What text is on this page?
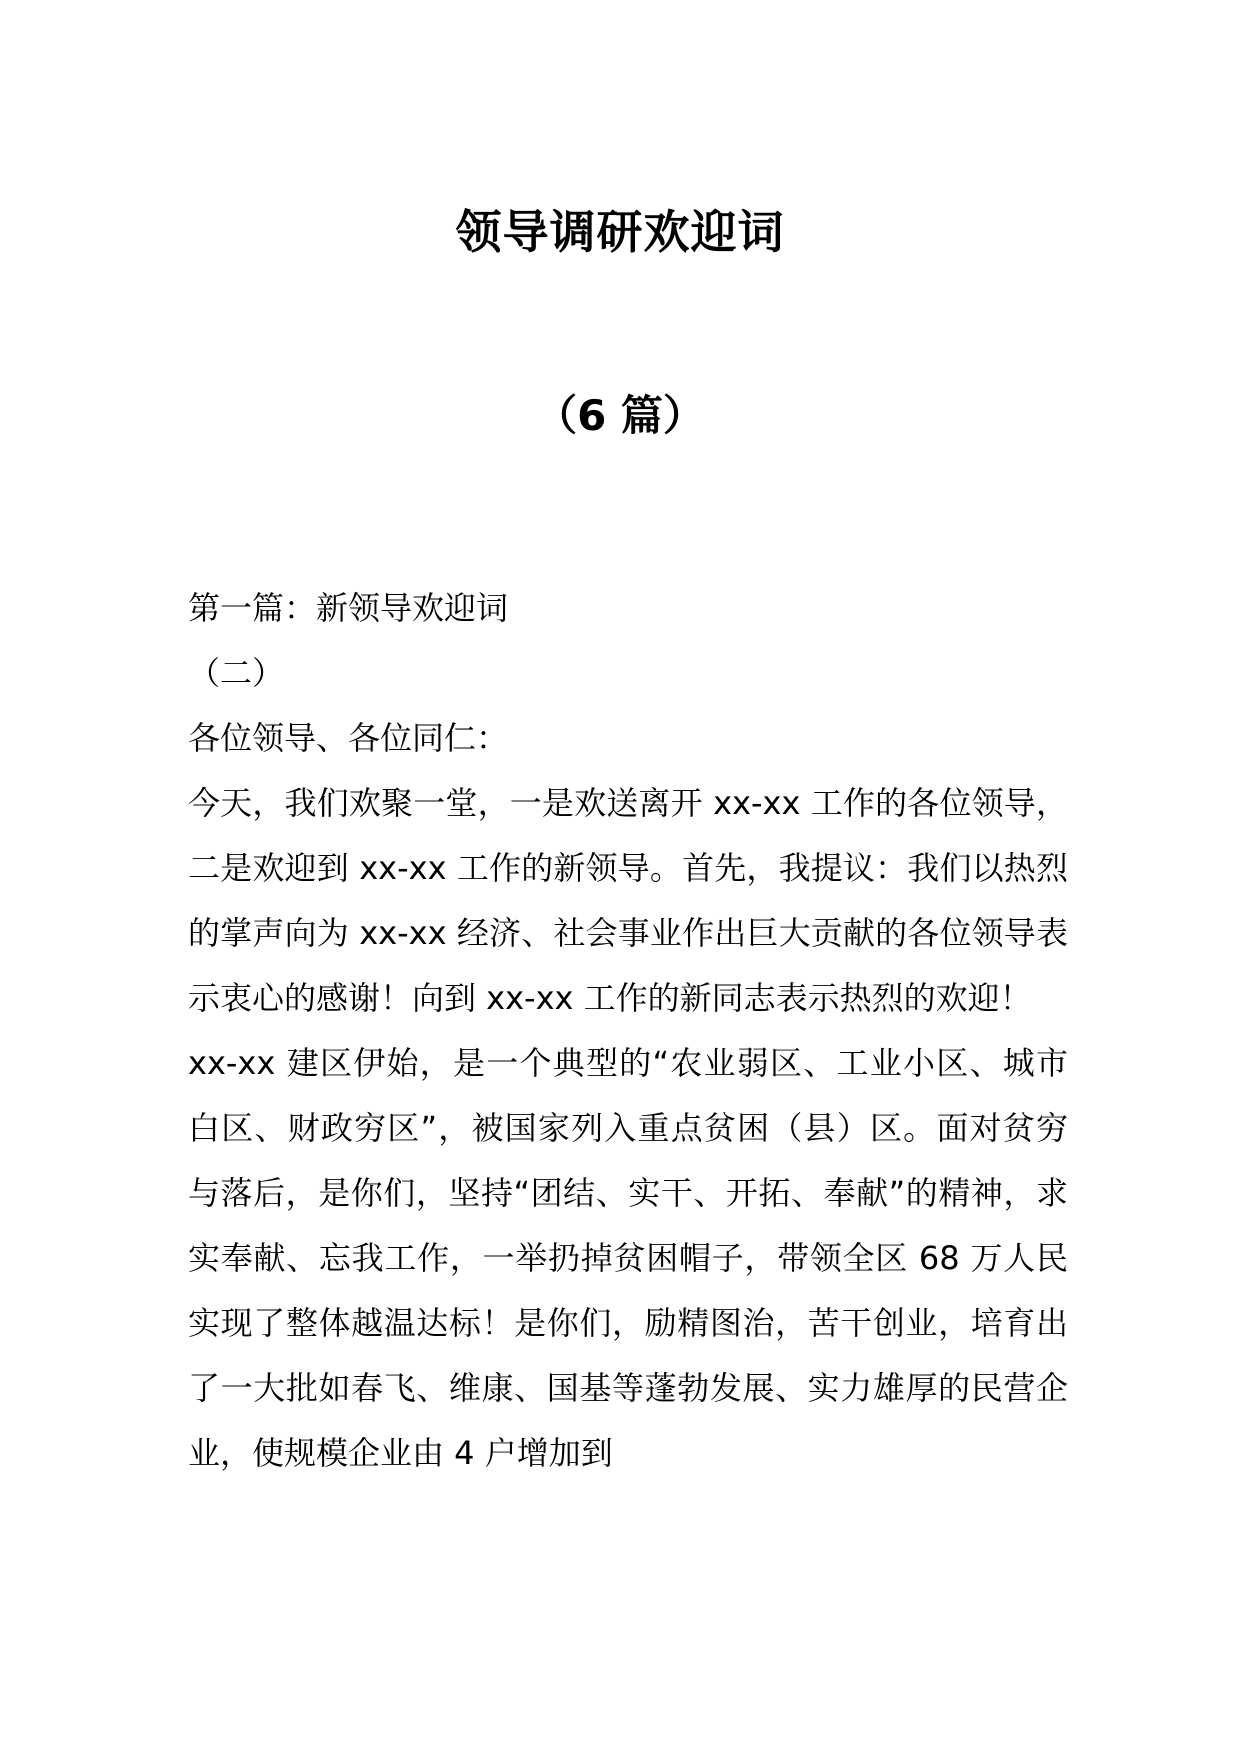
领导调研欢迎词
（6 篇）

第一篇：新领导欢迎词

（二）

各位领导、各位同仁：

今天，我们欢聚一堂，一是欢送离开 xx-xx 工作的各位领导，二是欢迎到 xx-xx 工作的新领导。首先，我提议：我们以热烈的掌声向为 xx-xx 经济、社会事业作出巨大贡献的各位领导表示衷心的感谢！向到 xx-xx 工作的新同志表示热烈的欢迎！

xx-xx 建区伊始，是一个典型的“农业弱区、工业小区、城市白区、财政穷区”，被国家列入重点贫困（县）区。面对贫穷与落后，是你们，坚持“团结、实干、开拓、奉献”的精神，求实奉献、忘我工作，一举扔掉贫困帽子，带领全区 68 万人民实现了整体越温达标！是你们，励精图治，苦干创业，培育出了一大批如春飞、维康、国基等蓬勃发展、实力雄厚的民营企业，使规模企业由 4 户增加到
